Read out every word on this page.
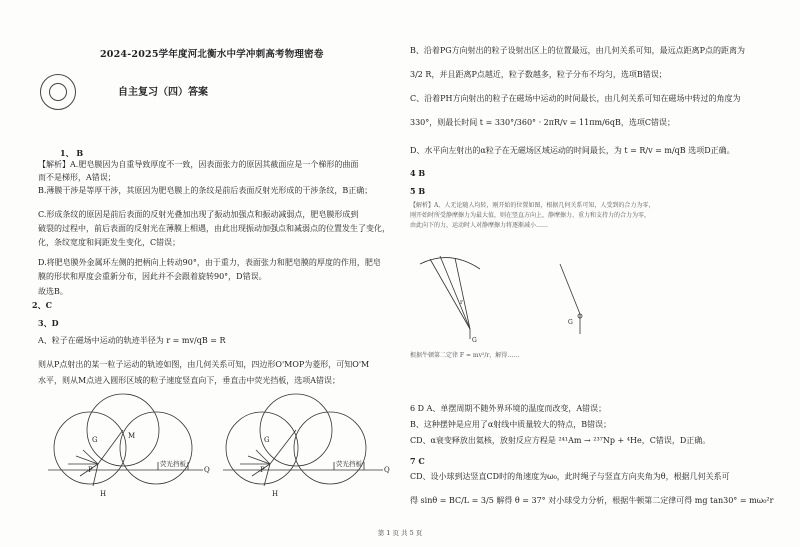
2024-2025学年度河北衡水中学冲刺高考物理密卷
自主复习（四）答案
1、 B
【解析】A.肥皂膜因为自重导致厚度不一致，因表面张力的原因其截面应是一个梯形的曲面
而不是梯形，A错误；
B.薄膜干涉是等厚干涉，其原因为肥皂膜上的条纹是前后表面反射光形成的干涉条纹，B正确；
C.形成条纹的原因是前后表面的反射光叠加出现了振动加强点和振动减弱点，肥皂膜形成到
破裂的过程中，前后表面的反射光在薄膜上相遇，由此出现振动加强点和减弱点的位置发生了变化，
化，条纹宽度和间距发生变化，C错误；
D.将肥皂膜外金属环左侧的把柄向上转动90°，由于重力，表面张力和肥皂膜的厚度的作用，肥皂
膜的形状和厚度会重新分布，因此并不会跟着旋转90°，D错误。
故选B。
2、C
3、D
A、粒子在磁场中运动的轨迹半径为 r = mv/qB = R
则从P点射出的某一粒子运动的轨迹如图，由几何关系可知，四边形O'MOP为菱形，可知O'M
水平，则从M点进入圆形区域的粒子速度竖直向下，垂直击中荧光挡板，选项A错误；
G	M
P
H
Q
G
P
H
Q
荧光挡板	荧光挡板
B、沿着PG方向射出的粒子设射出区上的位置最远，由几何关系可知，最远点距离P点的距离为
3/2 R，并且距离P点越近，粒子数越多，粒子分布不均匀，选项B错误；
C、沿着PH方向射出的粒子在磁场中运动的时间最长，由几何关系可知在磁场中转过的角度为
330°，则最长时间 t = 330°/360° · 2πR/v = 11πm/6qB，选项C错误；
D、水平向左射出的α粒子在无磁场区域运动的时间最长，为 t = R/v = m/qB 选项D正确。
4 B
5 B
【解析】A、人无论随人均转，刚开始的位置如图，根据几何关系可知，人受到的合力为零，
刚开始时所受静摩擦力为最大值，则在竖直方向上，静摩擦力、重力和支持力的合力为零，
由此向下的力，运动时人对静摩擦力将逐渐减小……
r
G
G
根据牛顿第二定律 F = mv²/r，解得……
6 D A、单摆周期不随外界环境的温度而改变，A错误；
B、这种摆钟是应用了α射线中质量较大的特点，B错误；
CD、α衰变释放出氦核，放射反应方程是 ²⁴¹Am → ²³⁷Np + ⁴He，C错误，D正确。
7 C
CD、设小球到达竖直CD时的角速度为ω₀，此时绳子与竖直方向夹角为θ，根据几何关系可
得 sinθ = BC/L = 3/5 解得 θ = 37° 对小球受力分析，根据牛顿第二定律可得 mg tan30° = mω₀²r
第 1 页 共 5 页
